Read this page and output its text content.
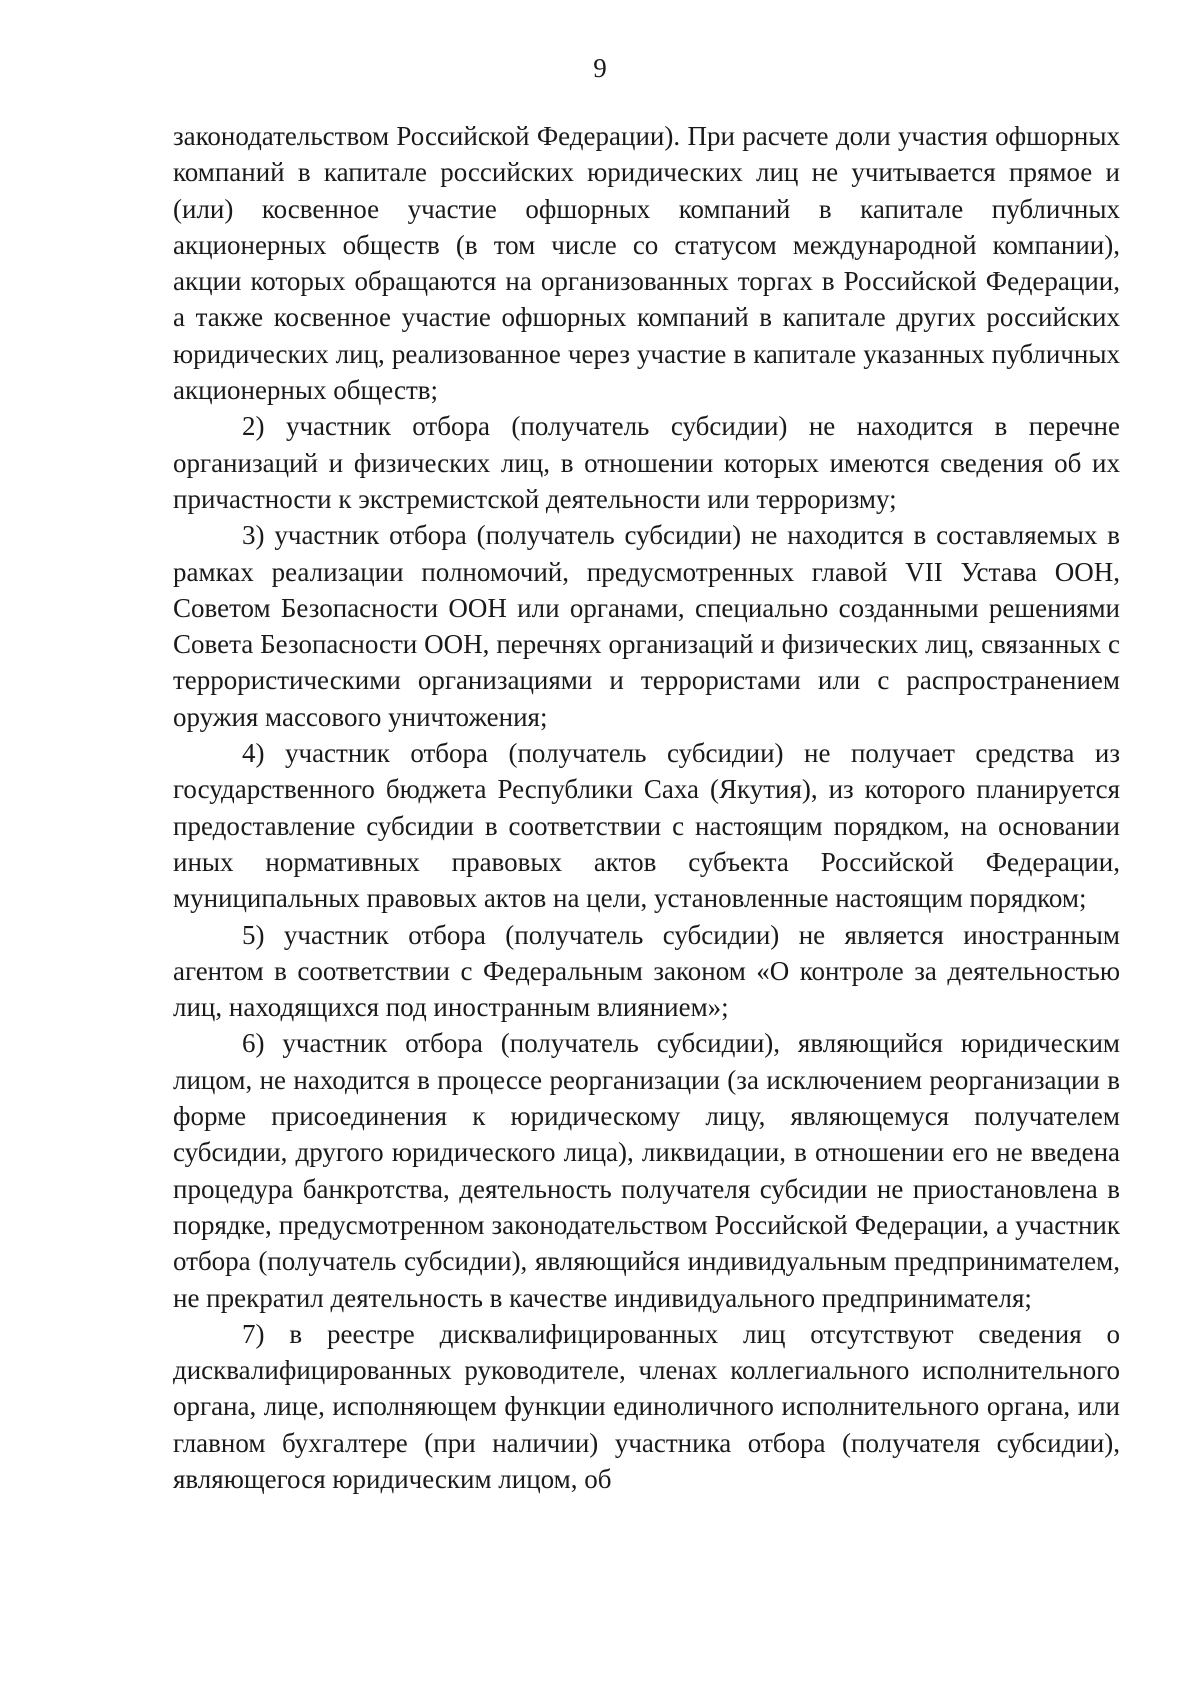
9

законодательством Российской Федерации). При расчете доли участия офшорных компаний в капитале российских юридических лиц не учитывается прямое и (или) косвенное участие офшорных компаний в капитале публичных акционерных обществ (в том числе со статусом международной компании), акции которых обращаются на организованных торгах в Российской Федерации, а также косвенное участие офшорных компаний в капитале других российских юридических лиц, реализованное через участие в капитале указанных публичных акционерных обществ;

2) участник отбора (получатель субсидии) не находится в перечне организаций и физических лиц, в отношении которых имеются сведения об их причастности к экстремистской деятельности или терроризму;

3) участник отбора (получатель субсидии) не находится в составляемых в рамках реализации полномочий, предусмотренных главой VII Устава ООН, Советом Безопасности ООН или органами, специально созданными решениями Совета Безопасности ООН, перечнях организаций и физических лиц, связанных с террористическими организациями и террористами или с распространением оружия массового уничтожения;

4) участник отбора (получатель субсидии) не получает средства из государственного бюджета Республики Саха (Якутия), из которого планируется предоставление субсидии в соответствии с настоящим порядком, на основании иных нормативных правовых актов субъекта Российской Федерации, муниципальных правовых актов на цели, установленные настоящим порядком;

5) участник отбора (получатель субсидии) не является иностранным агентом в соответствии с Федеральным законом «О контроле за деятельностью лиц, находящихся под иностранным влиянием»;

6) участник отбора (получатель субсидии), являющийся юридическим лицом, не находится в процессе реорганизации (за исключением реорганизации в форме присоединения к юридическому лицу, являющемуся получателем субсидии, другого юридического лица), ликвидации, в отношении его не введена процедура банкротства, деятельность получателя субсидии не приостановлена в порядке, предусмотренном законодательством Российской Федерации, а участник отбора (получатель субсидии), являющийся индивидуальным предпринимателем, не прекратил деятельность в качестве индивидуального предпринимателя;

7) в реестре дисквалифицированных лиц отсутствуют сведения о дисквалифицированных руководителе, членах коллегиального исполнительного органа, лице, исполняющем функции единоличного исполнительного органа, или главном бухгалтере (при наличии) участника отбора (получателя субсидии), являющегося юридическим лицом, об
